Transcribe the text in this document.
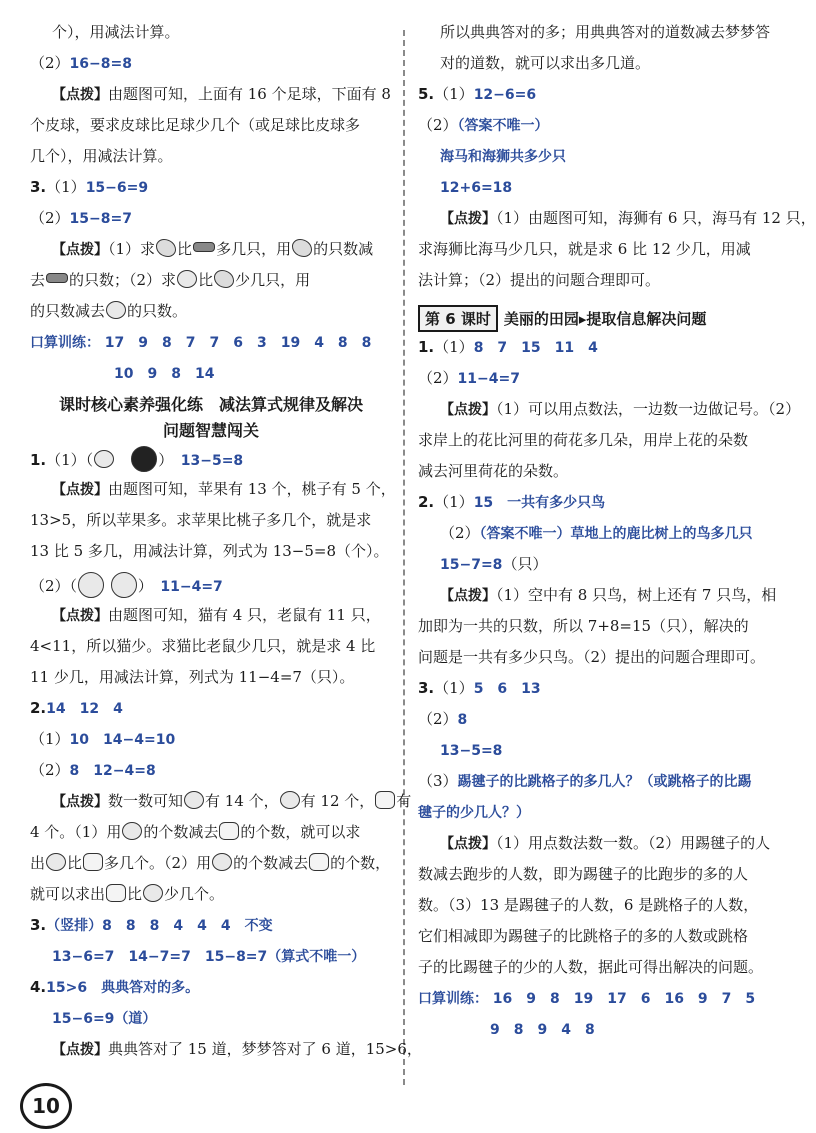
个），用减法计算。
（2）16−8=8
【点拨】由题图可知，上面有 16 个足球，下面有 8
个皮球，要求皮球比足球少几个（或足球比皮球多
几个），用减法计算。
3.（1）15−6=9
（2）15−8=7
【点拨】（1）求 比 多几只，用 的只数减
去 的只数；（2）求 比 少几只，用
的只数减去 的只数。
口算训练： 17　9　8　7　7　6　3　19　4　8　8
10　9　8　14
课时核心素养强化练　减法算式规律及解决
问题智慧闯关
1.（1）（　	）　 13−5=8
【点拨】由题图可知，苹果有 13 个，桃子有 5 个，
13>5，所以苹果多。求苹果比桃子多几个，就是求
13 比 5 多几，用减法计算，列式为 13−5=8（个）。
（2）（	）　 11−4=7
【点拨】由题图可知，猫有 4 只，老鼠有 11 只，
4<11，所以猫少。求猫比老鼠少几只，就是求 4 比
11 少几，用减法计算，列式为 11−4=7（只）。
2.14　12　4
（1）10　14−4=10
（2）8　12−4=8
【点拨】数一数可知 有 14 个， 有 12 个， 有
4 个。（1）用 的个数减去 的个数，就可以求
出 比 多几个。（2）用 的个数减去 的个数，
就可以求出 比 少几个。
3.（竖排）8　8　8　4　4　4　不变
13−6=7　14−7=7　15−8=7（算式不唯一）
4.15>6　典典答对的多。
15−6=9（道）
【点拨】典典答对了 15 道，梦梦答对了 6 道，15>6，
所以典典答对的多；用典典答对的道数减去梦梦答
对的道数，就可以求出多几道。
5.（1）12−6=6
（2）（答案不唯一）
海马和海狮共多少只
12+6=18
【点拨】（1）由题图可知，海狮有 6 只，海马有 12 只，
求海狮比海马少几只，就是求 6 比 12 少几，用减
法计算；（2）提出的问题合理即可。
第 6 课时 美丽的田园▸提取信息解决问题
1.（1）8　7　15　11　4
（2）11−4=7
【点拨】（1）可以用点数法，一边数一边做记号。（2）
求岸上的花比河里的荷花多几朵，用岸上花的朵数
减去河里荷花的朵数。
2.（1）15　一共有多少只鸟
（2）（答案不唯一）草地上的鹿比树上的鸟多几只
15−7=8（只）
【点拨】（1）空中有 8 只鸟，树上还有 7 只鸟，相
加即为一共的只数，所以 7+8=15（只），解决的
问题是一共有多少只鸟。（2）提出的问题合理即可。
3.（1）5　6　13
（2）8
13−5=8
（3）踢毽子的比跳格子的多几人？（或跳格子的比踢
毽子的少几人？）
【点拨】（1）用点数法数一数。（2）用踢毽子的人
数减去跑步的人数，即为踢毽子的比跑步的多的人
数。（3）13 是踢毽子的人数，6 是跳格子的人数，
它们相减即为踢毽子的比跳格子的多的人数或跳格
子的比踢毽子的少的人数，据此可得出解决的问题。
口算训练： 16　9　8　19　17　6　16　9　7　5
9　8　9　4　8
10
